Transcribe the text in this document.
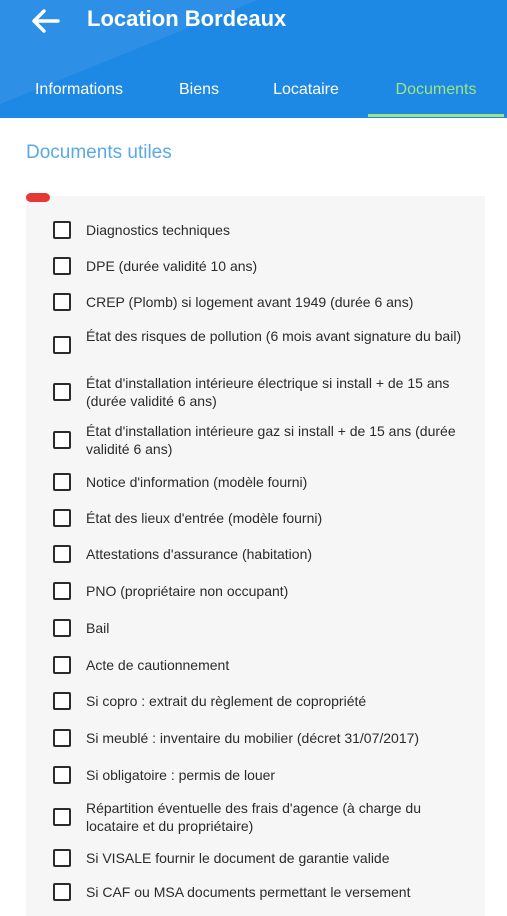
Location Bordeaux
Informations	Biens	Locataire	Documents
Documents utiles
Diagnostics techniques
DPE (durée validité 10 ans)
CREP (Plomb) si logement avant 1949 (durée 6 ans)
État des risques de pollution (6 mois avant signature du bail)
État d'installation intérieure électrique si install + de 15 ans (durée validité 6 ans)
État d'installation intérieure gaz si install + de 15 ans (durée validité 6 ans)
Notice d'information (modèle fourni)
État des lieux d'entrée (modèle fourni)
Attestations d'assurance (habitation)
PNO (propriétaire non occupant)
Bail
Acte de cautionnement
Si copro : extrait du règlement de copropriété
Si meublé : inventaire du mobilier (décret 31/07/2017)
Si obligatoire : permis de louer
Répartition éventuelle des frais d'agence (à charge du locataire et du propriétaire)
Si VISALE fournir le document de garantie valide
Si CAF ou MSA documents permettant le versement
